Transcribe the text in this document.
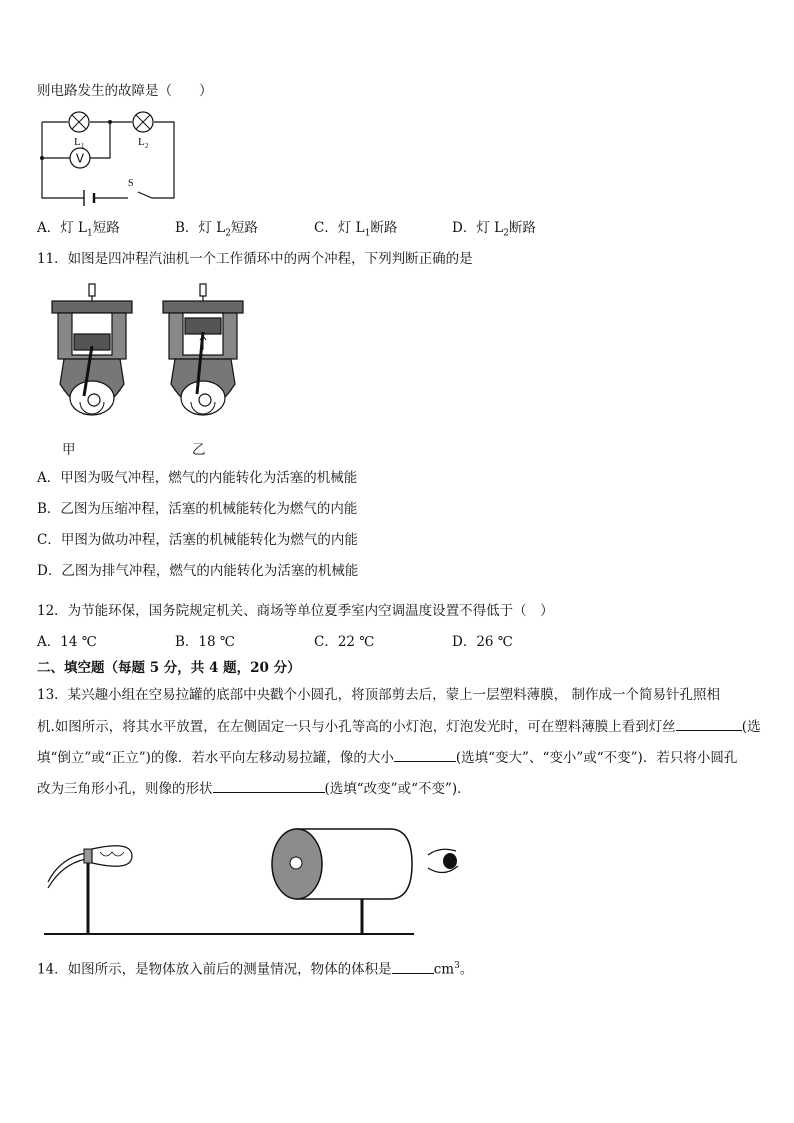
则电路发生的故障是（　　）
V
L 1	L 2
S
A．灯 $L_1$短路	B．灯 $L_2$短路	C．灯 $L_1$断路	D．灯 $L_2$断路
11．如图是四冲程汽油机一个工作循环中的两个冲程，下列判断正确的是
甲	乙
A．甲图为吸气冲程，燃气的内能转化为活塞的机械能
B．乙图为压缩冲程，活塞的机械能转化为燃气的内能
C．甲图为做功冲程，活塞的机械能转化为燃气的内能
D．乙图为排气冲程，燃气的内能转化为活塞的机械能
12．为节能环保，国务院规定机关、商场等单位夏季室内空调温度设置不得低于（　）
A．14 ℃	B．18 ℃	C．22 ℃	D．26 ℃
二、填空题（每题 5 分，共 4 题，20 分）
13．某兴趣小组在空易拉罐的底部中央戳个小圆孔，将顶部剪去后，蒙上一层塑料薄膜， 制作成一个简易针孔照相
机.如图所示，将其水平放置，在左侧固定一只与小孔等高的小灯泡，灯泡发光时，可在塑料薄膜上看到灯丝	(选
填“倒立”或“正立”)的像．若水平向左移动易拉罐，像的大小	(选填“变大”、“变小”或“不变”)．若只将小圆孔
改为三角形小孔，则像的形状	(选填“改变”或“不变”)．
14．如图所示，是物体放入前后的测量情况，物体的体积是	$cm^3$。
